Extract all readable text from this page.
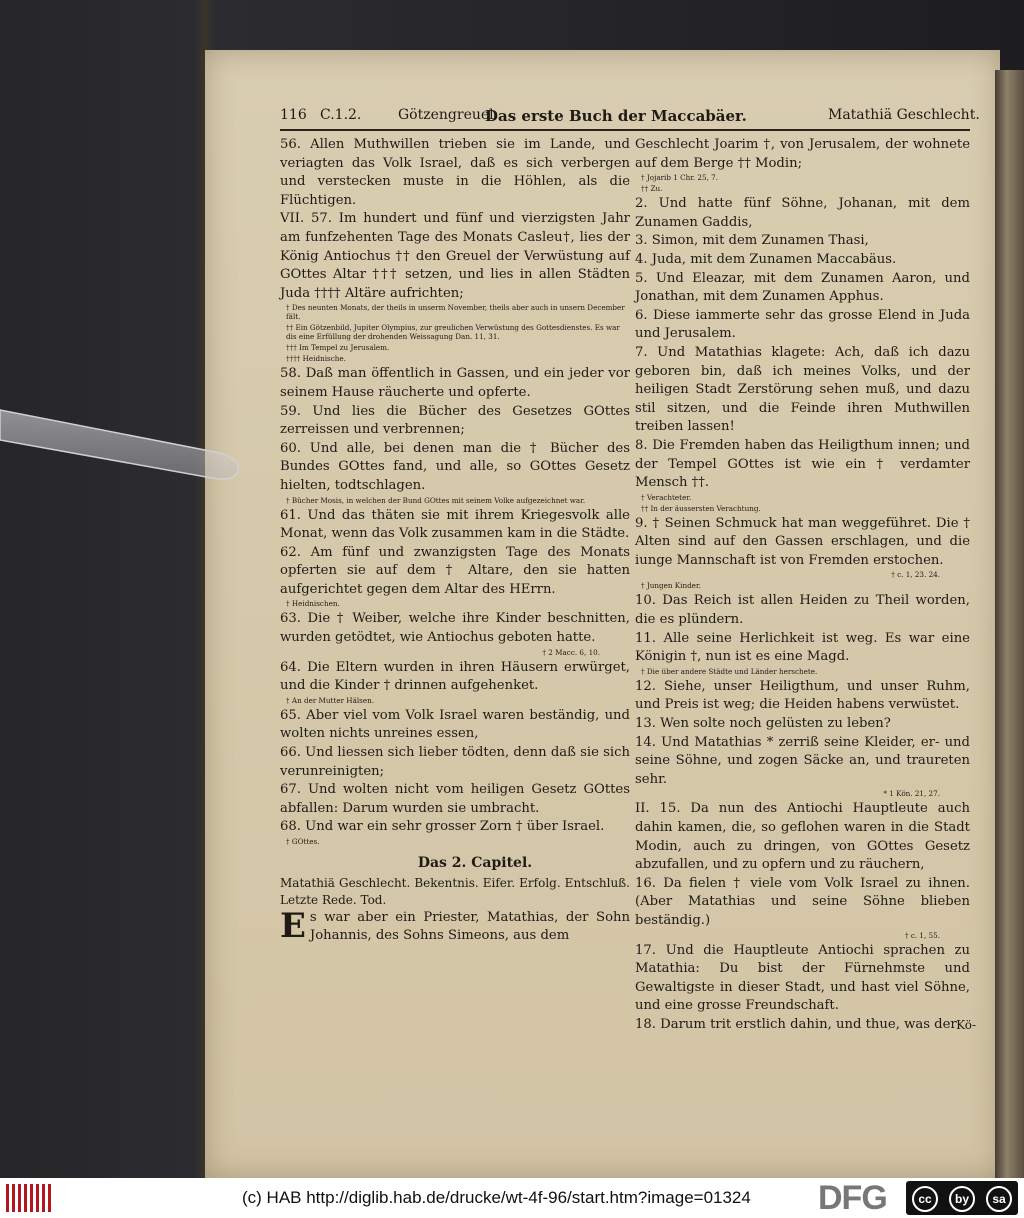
116 C.1.2.	Götzengreuel.
Das erste Buch der Maccabäer.	Matathiä Geschlecht.

56. Allen Muthwillen trieben sie im Lande, und veriagten das Volk Israel, daß es sich verbergen und verstecken muste in die Höhlen, als die Flüchtigen.

VII. 57. Im hundert und fünf und vierzigsten Jahr am funfzehenten Tage des Monats Casleu†, lies der König Antiochus †† den Greuel der Verwüstung auf GOttes Altar ††† setzen, und lies in allen Städten Juda †††† Altäre aufrichten;

† Des neunten Monats, der theils in unserm November, theils aber auch in unsern December fält.

†† Ein Götzenbild, Jupiter Olympius, zur greulichen Verwüstung des Gottesdienstes. Es war dis eine Erfüllung der drohenden Weissagung Dan. 11, 31.

††† Im Tempel zu Jerusalem.

†††† Heidnische.

58. Daß man öffentlich in Gassen, und ein jeder vor seinem Hause räucherte und opferte.

59. Und lies die Bücher des Gesetzes GOttes zerreissen und verbrennen;

60. Und alle, bei denen man die † Bücher des Bundes GOttes fand, und alle, so GOttes Gesetz hielten, todtschlagen.

† Bücher Mosis, in welchen der Bund GOttes mit seinem Volke aufgezeichnet war.

61. Und das thäten sie mit ihrem Kriegesvolk alle Monat, wenn das Volk zusammen kam in die Städte.

62. Am fünf und zwanzigsten Tage des Monats opferten sie auf dem † Altare, den sie hatten aufgerichtet gegen dem Altar des HErrn.

† Heidnischen.

63. Die † Weiber, welche ihre Kinder beschnitten, wurden getödtet, wie Antiochus geboten hatte.

† 2 Macc. 6, 10.

64. Die Eltern wurden in ihren Häusern erwürget, und die Kinder † drinnen aufgehenket.

† An der Mutter Hälsen.

65. Aber viel vom Volk Israel waren beständig, und wolten nichts unreines essen,

66. Und liessen sich lieber tödten, denn daß sie sich verunreinigten;

67. Und wolten nicht vom heiligen Gesetz GOttes abfallen: Darum wurden sie umbracht.

68. Und war ein sehr grosser Zorn † über Israel.

† GOttes.

Das 2. Capitel.

Matathiä Geschlecht. Bekentnis. Eifer. Erfolg. Entschluß. Letzte Rede. Tod.

Es war aber ein Priester, Matathias, der Sohn Johannis, des Sohns Simeons, aus dem

Geschlecht Joarim †, von Jerusalem, der wohnete auf dem Berge †† Modin;

† Jojarib 1 Chr. 25, 7.

†† Zu.

2. Und hatte fünf Söhne, Johanan, mit dem Zunamen Gaddis,

3. Simon, mit dem Zunamen Thasi,

4. Juda, mit dem Zunamen Maccabäus.

5. Und Eleazar, mit dem Zunamen Aaron, und Jonathan, mit dem Zunamen Apphus.

6. Diese iammerte sehr das grosse Elend in Juda und Jerusalem.

7. Und Matathias klagete: Ach, daß ich dazu geboren bin, daß ich meines Volks, und der heiligen Stadt Zerstörung sehen muß, und dazu stil sitzen, und die Feinde ihren Muthwillen treiben lassen!

8. Die Fremden haben das Heiligthum innen; und der Tempel GOttes ist wie ein † verdamter Mensch ††.

† Verachteter.

†† In der äussersten Verachtung.

9. † Seinen Schmuck hat man weggeführet. Die † Alten sind auf den Gassen erschlagen, und die iunge Mannschaft ist von Fremden erstochen.

† c. 1, 23. 24.

† Jungen Kinder.

10. Das Reich ist allen Heiden zu Theil worden, die es plündern.

11. Alle seine Herlichkeit ist weg. Es war eine Königin †, nun ist es eine Magd.

† Die über andere Städte und Länder herschete.

12. Siehe, unser Heiligthum, und unser Ruhm, und Preis ist weg; die Heiden habens verwüstet.

13. Wen solte noch gelüsten zu leben?

14. Und Matathias * zerriß seine Kleider, er- und seine Söhne, und zogen Säcke an, und traureten sehr.

* 1 Kön. 21, 27.

II. 15. Da nun des Antiochi Hauptleute auch dahin kamen, die, so geflohen waren in die Stadt Modin, auch zu dringen, von GOttes Gesetz abzufallen, und zu opfern und zu räuchern,

16. Da fielen † viele vom Volk Israel zu ihnen. (Aber Matathias und seine Söhne blieben beständig.)

† c. 1, 55.

17. Und die Hauptleute Antiochi sprachen zu Matathia: Du bist der Fürnehmste und Gewaltigste in dieser Stadt, und hast viel Söhne, und eine grosse Freundschaft.

18. Darum trit erstlich dahin, und thue, was der Kö-
(c) HAB http://diglib.hab.de/drucke/wt-4f-96/start.htm?image=01324 DFG	cc	by	sa
